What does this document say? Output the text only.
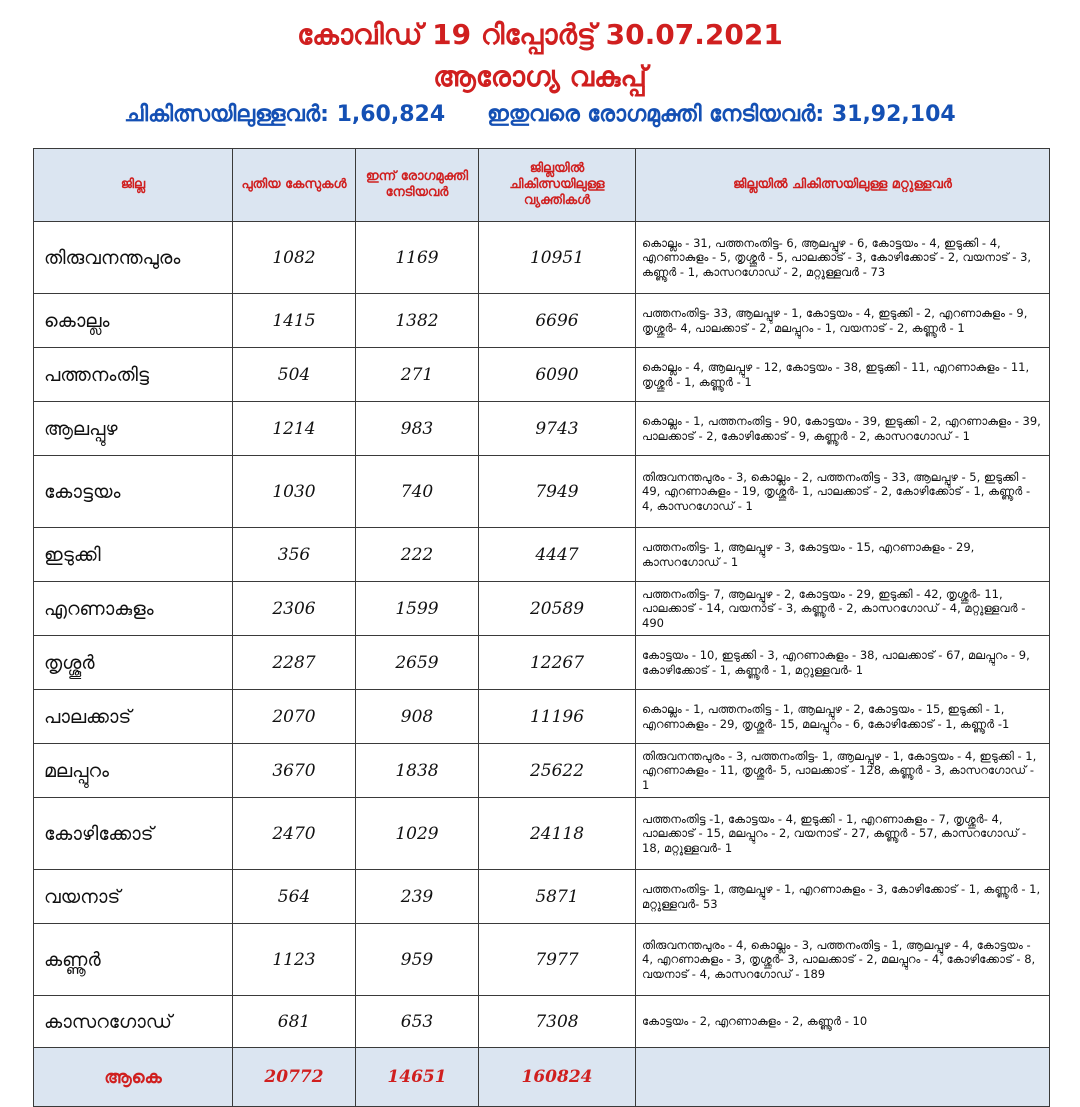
കോവിഡ് 19 റിപ്പോർട്ട് 30.07.2021
ആരോഗ്യ വകുപ്പ്
ചികിത്സയിലുള്ളവർ: 1,60,824 ഇതുവരെ രോഗമുക്തി നേടിയവർ: 31,92,104
ജില്ല	പുതിയ കേസുകൾ	ഇന്ന് രോഗമുക്തി നേടിയവർ	ജില്ലയിൽ ചികിത്സയിലുള്ള വ്യക്തികൾ	ജില്ലയിൽ ചികിത്സയിലുള്ള മറ്റുള്ളവർ
തിരുവനന്തപുരം	1082	1169	10951	കൊല്ലം - 31, പത്തനംതിട്ട- 6, ആലപ്പുഴ - 6, കോട്ടയം - 4, ഇടുക്കി - 4, എറണാകുളം - 5, തൃശ്ശൂർ - 5, പാലക്കാട് - 3, കോഴിക്കോട് - 2, വയനാട് - 3, കണ്ണൂർ - 1, കാസറഗോഡ് - 2, മറ്റുള്ളവർ - 73
കൊല്ലം	1415	1382	6696	പത്തനംതിട്ട- 33, ആലപ്പുഴ - 1, കോട്ടയം - 4, ഇടുക്കി - 2, എറണാകുളം - 9, തൃശ്ശൂർ- 4, പാലക്കാട് - 2, മലപ്പുറം - 1, വയനാട് - 2, കണ്ണൂർ - 1
പത്തനംതിട്ട	504	271	6090	കൊല്ലം - 4, ആലപ്പുഴ - 12, കോട്ടയം - 38, ഇടുക്കി - 11, എറണാകുളം - 11, തൃശ്ശൂർ - 1, കണ്ണൂർ - 1
ആലപ്പുഴ	1214	983	9743	കൊല്ലം - 1, പത്തനംതിട്ട - 90, കോട്ടയം - 39, ഇടുക്കി - 2, എറണാകുളം - 39, പാലക്കാട് - 2, കോഴിക്കോട് - 9, കണ്ണൂർ - 2, കാസറഗോഡ് - 1
കോട്ടയം	1030	740	7949	തിരുവനന്തപുരം - 3, കൊല്ലം - 2, പത്തനംതിട്ട - 33, ആലപ്പുഴ - 5, ഇടുക്കി - 49, എറണാകുളം - 19, തൃശ്ശൂർ- 1, പാലക്കാട് - 2, കോഴിക്കോട് - 1, കണ്ണൂർ - 4, കാസറഗോഡ് - 1
ഇടുക്കി	356	222	4447	പത്തനംതിട്ട- 1, ആലപ്പുഴ - 3, കോട്ടയം - 15, എറണാകുളം - 29, കാസറഗോഡ് - 1
എറണാകുളം	2306	1599	20589	പത്തനംതിട്ട- 7, ആലപ്പുഴ - 2, കോട്ടയം - 29, ഇടുക്കി - 42, തൃശ്ശൂർ- 11, പാലക്കാട് - 14, വയനാട് - 3, കണ്ണൂർ - 2, കാസറഗോഡ് - 4, മറ്റുള്ളവർ - 490
തൃശ്ശൂർ	2287	2659	12267	കോട്ടയം - 10, ഇടുക്കി - 3, എറണാകുളം - 38, പാലക്കാട് - 67, മലപ്പുറം - 9, കോഴിക്കോട് - 1, കണ്ണൂർ - 1, മറ്റുള്ളവർ- 1
പാലക്കാട്	2070	908	11196	കൊല്ലം - 1, പത്തനംതിട്ട - 1, ആലപ്പുഴ - 2, കോട്ടയം - 15, ഇടുക്കി - 1, എറണാകുളം - 29, തൃശ്ശൂർ- 15, മലപ്പുറം - 6, കോഴിക്കോട് - 1, കണ്ണൂർ -1
മലപ്പുറം	3670	1838	25622	തിരുവനന്തപുരം - 3, പത്തനംതിട്ട- 1, ആലപ്പുഴ - 1, കോട്ടയം - 4, ഇടുക്കി - 1, എറണാകുളം - 11, തൃശ്ശൂർ- 5, പാലക്കാട് - 128, കണ്ണൂർ - 3, കാസറഗോഡ് - 1
കോഴിക്കോട്	2470	1029	24118	പത്തനംതിട്ട -1, കോട്ടയം - 4, ഇടുക്കി - 1, എറണാകുളം - 7, തൃശ്ശൂർ- 4, പാലക്കാട് - 15, മലപ്പുറം - 2, വയനാട് - 27, കണ്ണൂർ - 57, കാസറഗോഡ് - 18, മറ്റുള്ളവർ- 1
വയനാട്	564	239	5871	പത്തനംതിട്ട- 1, ആലപ്പുഴ - 1, എറണാകുളം - 3, കോഴിക്കോട് - 1, കണ്ണൂർ - 1, മറ്റുള്ളവർ- 53
കണ്ണൂർ	1123	959	7977	തിരുവനന്തപുരം - 4, കൊല്ലം - 3, പത്തനംതിട്ട - 1, ആലപ്പുഴ - 4, കോട്ടയം - 4, എറണാകുളം - 3, തൃശ്ശൂർ- 3, പാലക്കാട് - 2, മലപ്പുറം - 4, കോഴിക്കോട് - 8, വയനാട് - 4, കാസറഗോഡ് - 189
കാസറഗോഡ്	681	653	7308	കോട്ടയം - 2, എറണാകുളം - 2, കണ്ണൂർ - 10
ആകെ	20772	14651	160824	
